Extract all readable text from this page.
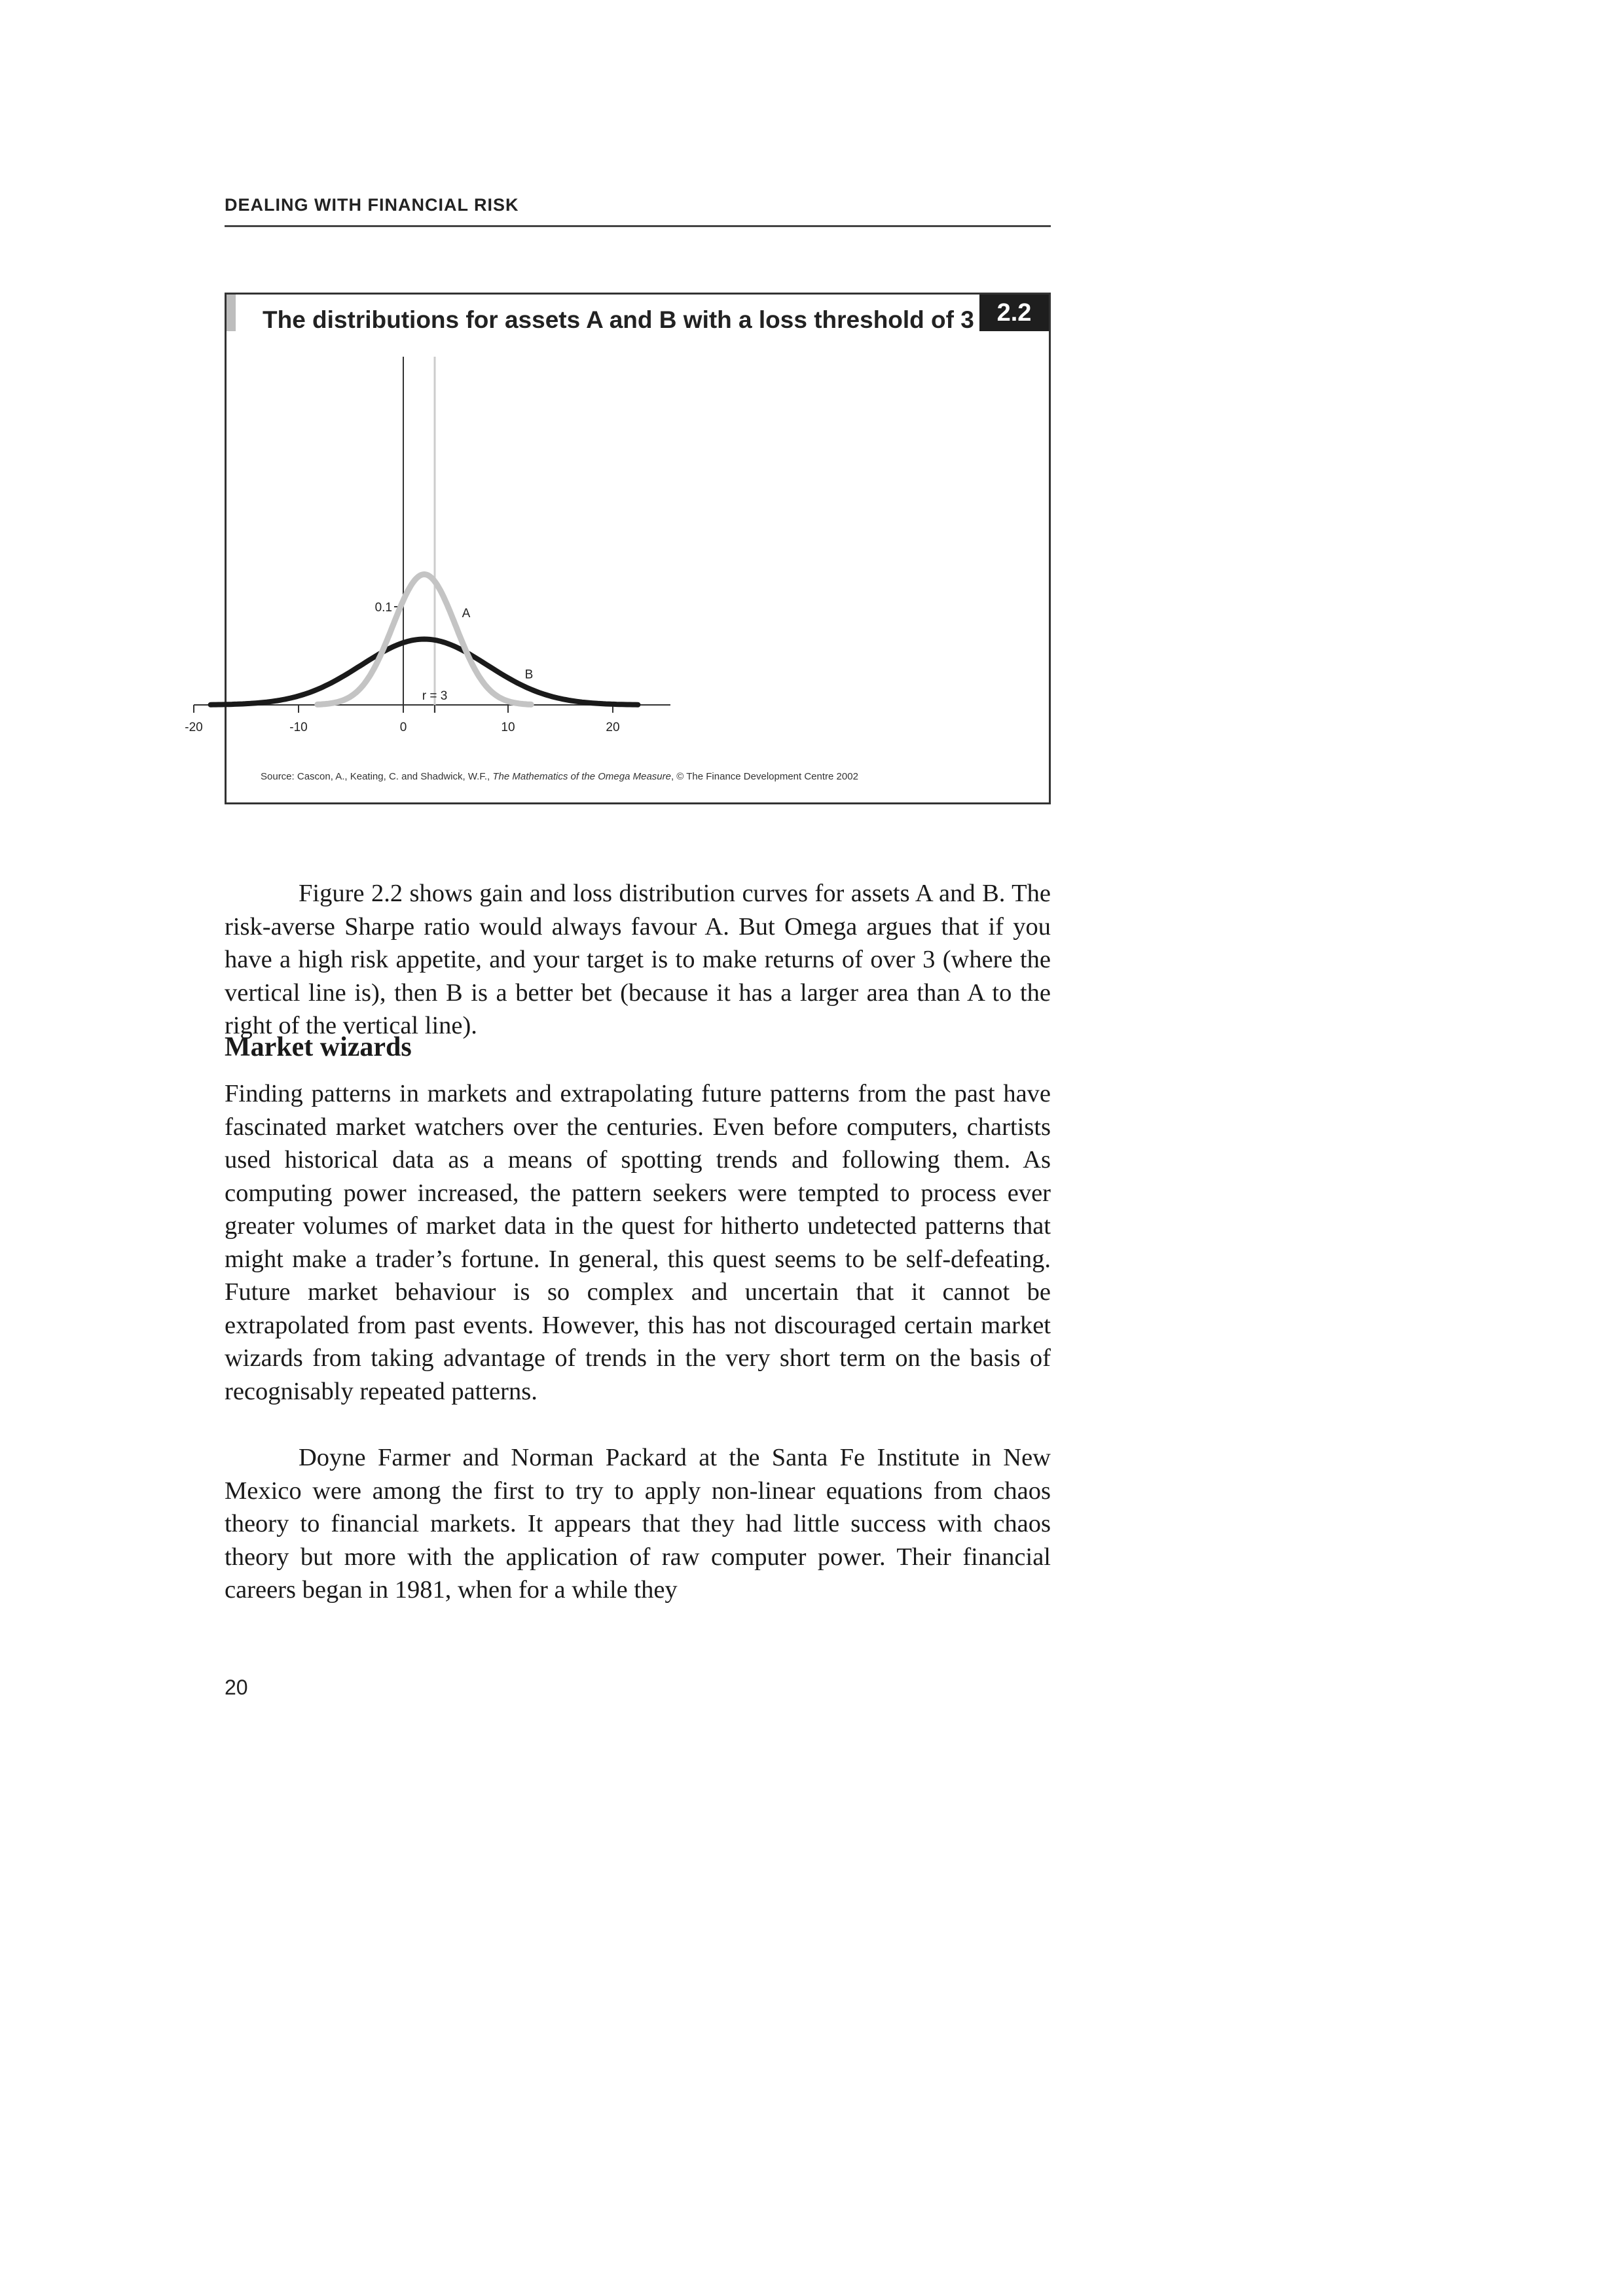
DEALING WITH FINANCIAL RISK
The distributions for assets A and B with a loss threshold of 3 2.2
-20	-10	0	10	20
0.1
r = 3
A
B
Source: Cascon, A., Keating, C. and Shadwick, W.F., The Mathematics of the Omega Measure, © The Finance Development Centre 2002

Figure 2.2 shows gain and loss distribution curves for assets A and B. The risk-averse Sharpe ratio would always favour A. But Omega argues that if you have a high risk appetite, and your target is to make returns of over 3 (where the vertical line is), then B is a better bet (because it has a larger area than A to the right of the vertical line).

Market wizards

Finding patterns in markets and extrapolating future patterns from the past have fascinated market watchers over the centuries. Even before computers, chartists used historical data as a means of spotting trends and following them. As computing power increased, the pattern seekers were tempted to process ever greater volumes of market data in the quest for hitherto undetected patterns that might make a trader’s fortune. In general, this quest seems to be self-defeating. Future market behaviour is so complex and uncertain that it cannot be extrapolated from past events. However, this has not discouraged certain market wizards from taking advantage of trends in the very short term on the basis of recognisably repeated patterns.

Doyne Farmer and Norman Packard at the Santa Fe Institute in New Mexico were among the first to try to apply non-linear equations from chaos theory to financial markets. It appears that they had little success with chaos theory but more with the application of raw computer power. Their financial careers began in 1981, when for a while they

20
